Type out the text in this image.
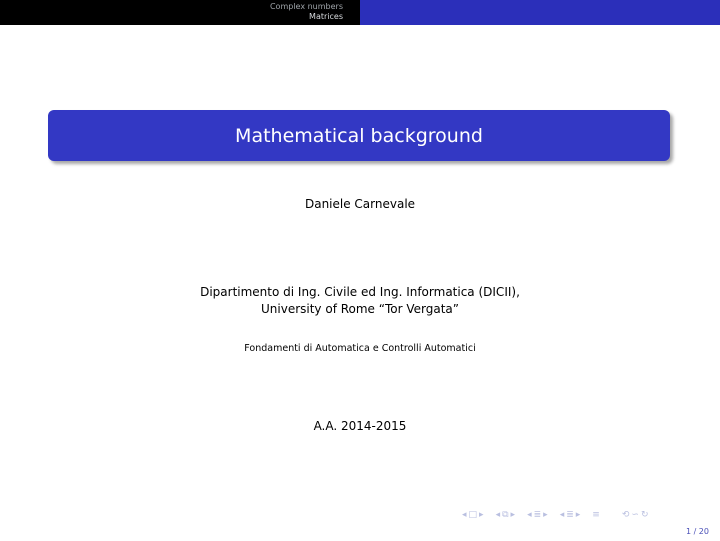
Complex numbers
Matrices
Mathematical background
Daniele Carnevale
Dipartimento di Ing. Civile ed Ing. Informatica (DICII),
University of Rome “Tor Vergata”
Fondamenti di Automatica e Controlli Automatici
A.A. 2014-2015
◂ □ ▸ ◂ ⧉ ▸ ◂ ≣ ▸ ◂ ≣ ▸ ≡ ⟲ ∽ ↻
1 / 20
